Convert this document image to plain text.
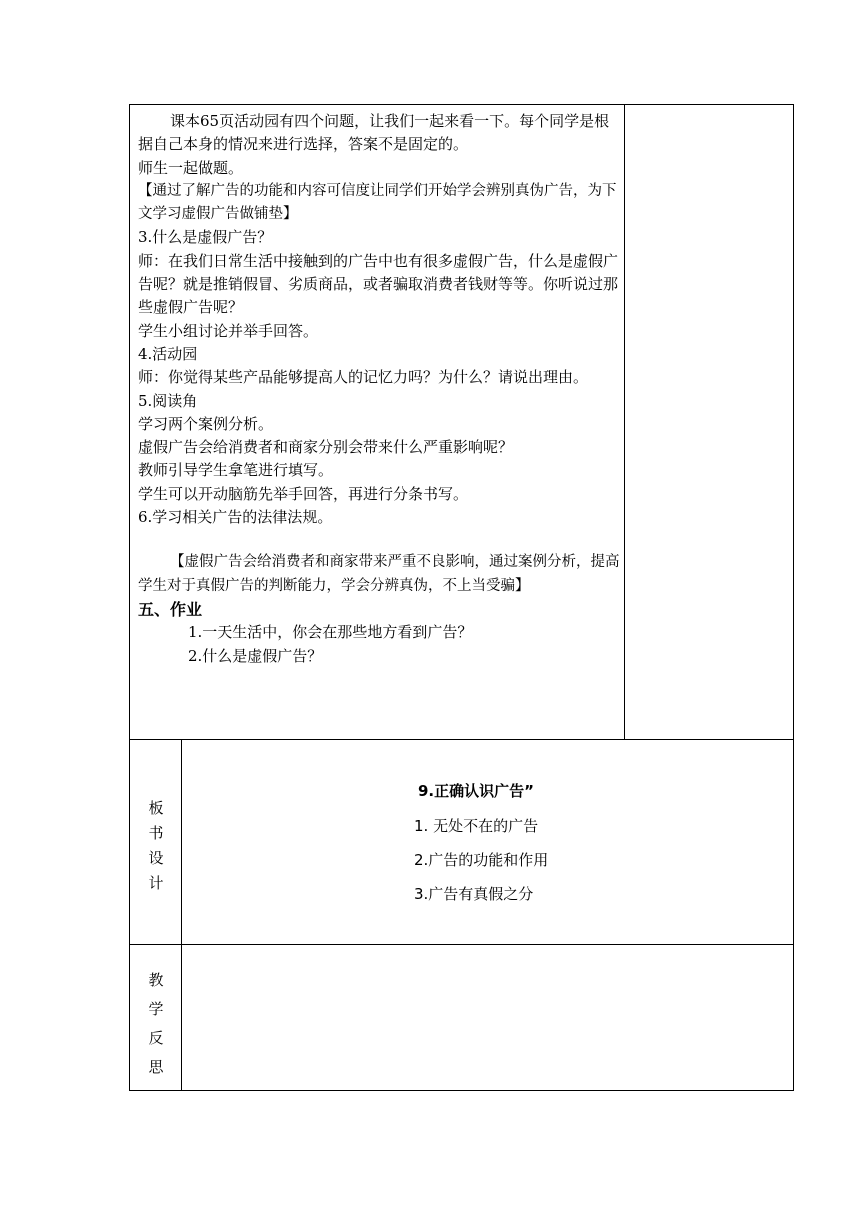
课本65页活动园有四个问题，让我们一起来看一下。每个同学是根据自己本身的情况来进行选择，答案不是固定的。

师生一起做题。

【通过了解广告的功能和内容可信度让同学们开始学会辨别真伪广告，为下文学习虚假广告做铺垫】

3.什么是虚假广告？

师：在我们日常生活中接触到的广告中也有很多虚假广告，什么是虚假广告呢？就是推销假冒、劣质商品，或者骗取消费者钱财等等。你听说过那些虚假广告呢？

学生小组讨论并举手回答。

4.活动园

师：你觉得某些产品能够提高人的记忆力吗？为什么？请说出理由。

5.阅读角

学习两个案例分析。

虚假广告会给消费者和商家分别会带来什么严重影响呢？

教师引导学生拿笔进行填写。

学生可以开动脑筋先举手回答，再进行分条书写。

6.学习相关广告的法律法规。

【虚假广告会给消费者和商家带来严重不良影响，通过案例分析，提高学生对于真假广告的判断能力，学会分辨真伪，不上当受骗】

五、作业

1.一天生活中，你会在那些地方看到广告？

2.什么是虚假广告？

板
书
设
计
9.正确认识广告”
1. 无处不在的广告
2.广告的功能和作用
3.广告有真假之分
教
学
反
思
